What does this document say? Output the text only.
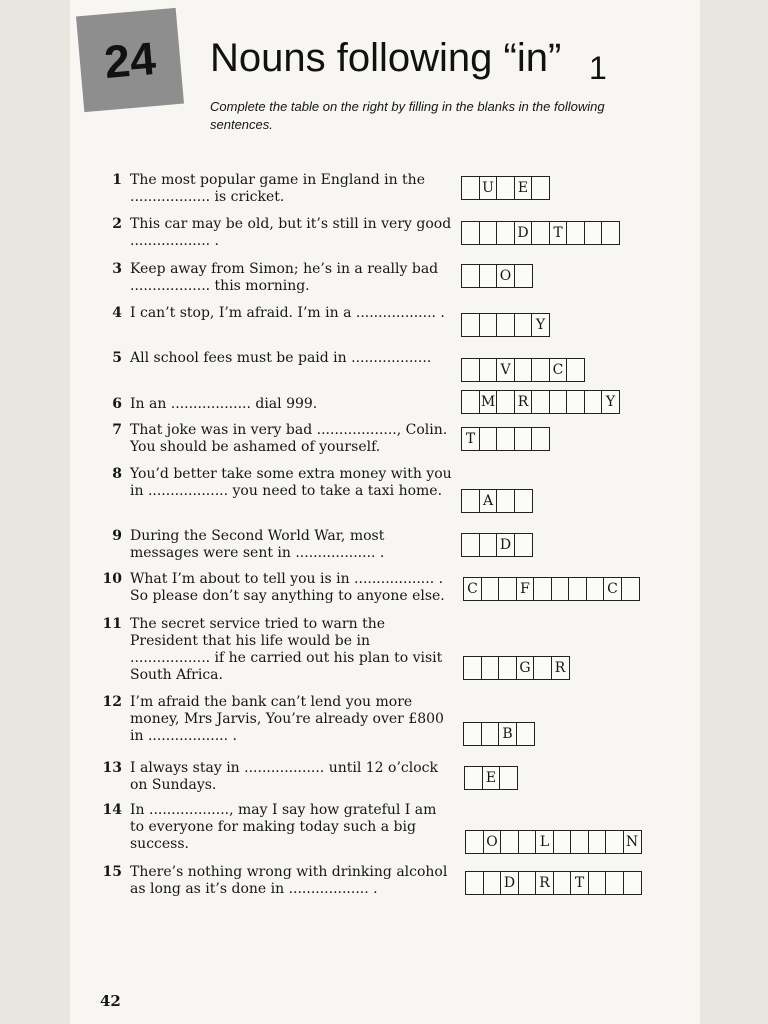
24 Nouns following “in” 1
Complete the table on the right by filling in the blanks in the following sentences.
1 The most popular game in England in the .................. is cricket.
U	E
2 This car may be old, but it’s still in very good .................. .	D	T
3 Keep away from Simon; he’s in a really bad .................. this morning.
O
4 I can’t stop, I’m afraid. I’m in a .................. .
Y
5 All school fees must be paid in ..................
V	C
6 In an .................. dial 999.	M	R	Y
7 That joke was in very bad .................., Colin. You should be ashamed of yourself.	T
8 You’d better take some extra money with you in .................. you need to take a taxi home.
A
9 During the Second World War, most messages were sent in .................. .	D
10 What I’m about to tell you is in .................. . So please don’t say anything to anyone else.	C	F	C
11 The secret service tried to warn the President that his life would be in .................. if he carried out his plan to visit South Africa.	G	R
12 I’m afraid the bank can’t lend you more money, Mrs Jarvis, You’re already over £800 in .................. .	B
13 I always stay in .................. until 12 o’clock on Sundays.	E
14 In .................., may I say how grateful I am to everyone for making today such a big success.	O	L	N
15 There’s nothing wrong with drinking alcohol as long as it’s done in .................. .	D	R	T
42
